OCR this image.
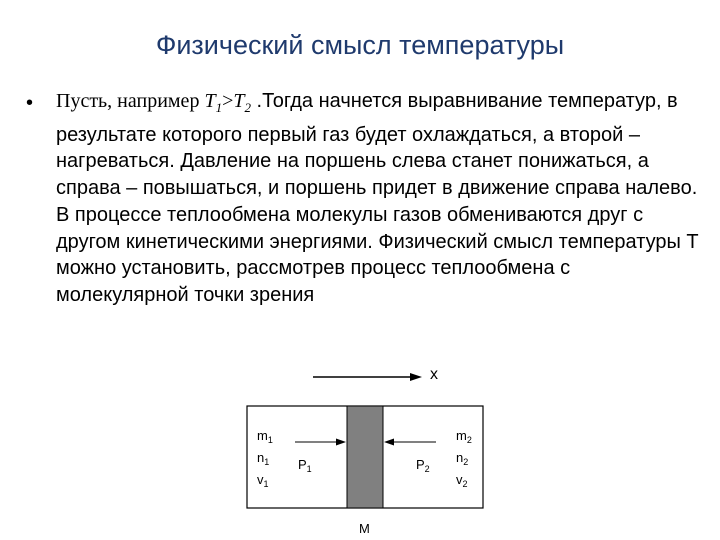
Физический смысл температуры
• Пусть, например $T_1>T_2$ .Тогда начнется выравнивание температур, в результате которого первый газ будет охлаждаться, а второй – нагреваться. Давление на поршень слева станет понижаться, а справа – повышаться, и поршень придет в движение справа налево. В процессе теплообмена молекулы газов обмениваются друг с другом кинетическими энергиями. Физический смысл температуры Т можно установить, рассмотрев процесс теплообмена с молекулярной точки зрения
x
$m_1$
$n_1$
$v_1$
$m_2$
$n_2$
$v_2$
$P_1$	$P_2$
M
